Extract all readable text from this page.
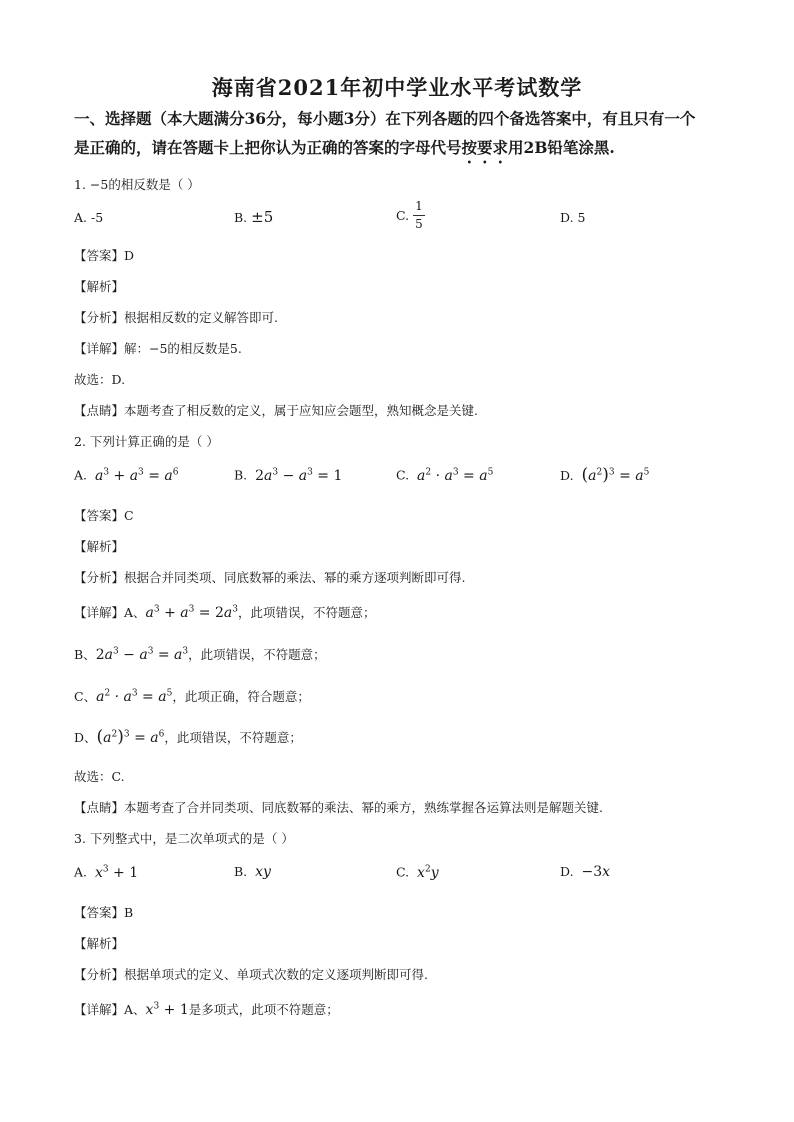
海南省2021年初中学业水平考试数学
一、选择题（本大题满分36分，每小题3分）在下列各题的四个备选答案中，有且只有一个
是正确的，请在答题卡上把你认为正确的答案的字母代号按要求用2B铅笔涂黑.
1. −5的相反数是（ ）
A. -5	B. ±5	C. $\frac{1}{5}$	D. 5
【答案】D
【解析】
【分析】根据相反数的定义解答即可.
【详解】解：−5的相反数是5.
故选：D.
【点睛】本题考查了相反数的定义，属于应知应会题型，熟知概念是关键.
2. 下列计算正确的是（ ）
A. $a^3 + a^3 = a^6$	B. $2a^3 - a^3 = 1$	C. $a^2 \cdot a^3 = a^5$	D. $(a^2)^3 = a^5$
【答案】C
【解析】
【分析】根据合并同类项、同底数幂的乘法、幂的乘方逐项判断即可得.
【详解】A、$a^3 + a^3 = 2a^3$，此项错误，不符题意；
B、$2a^3 - a^3 = a^3$，此项错误，不符题意；
C、$a^2 \cdot a^3 = a^5$，此项正确，符合题意；
D、$(a^2)^3 = a^6$，此项错误，不符题意；
故选：C.
【点睛】本题考查了合并同类项、同底数幂的乘法、幂的乘方，熟练掌握各运算法则是解题关键.
3. 下列整式中，是二次单项式的是（ ）
A. $x^3 + 1$	B. xy	C. $x^2y$	D. −3x
【答案】B
【解析】
【分析】根据单项式的定义、单项式次数的定义逐项判断即可得.
【详解】A、$x^3 + 1$是多项式，此项不符题意；
